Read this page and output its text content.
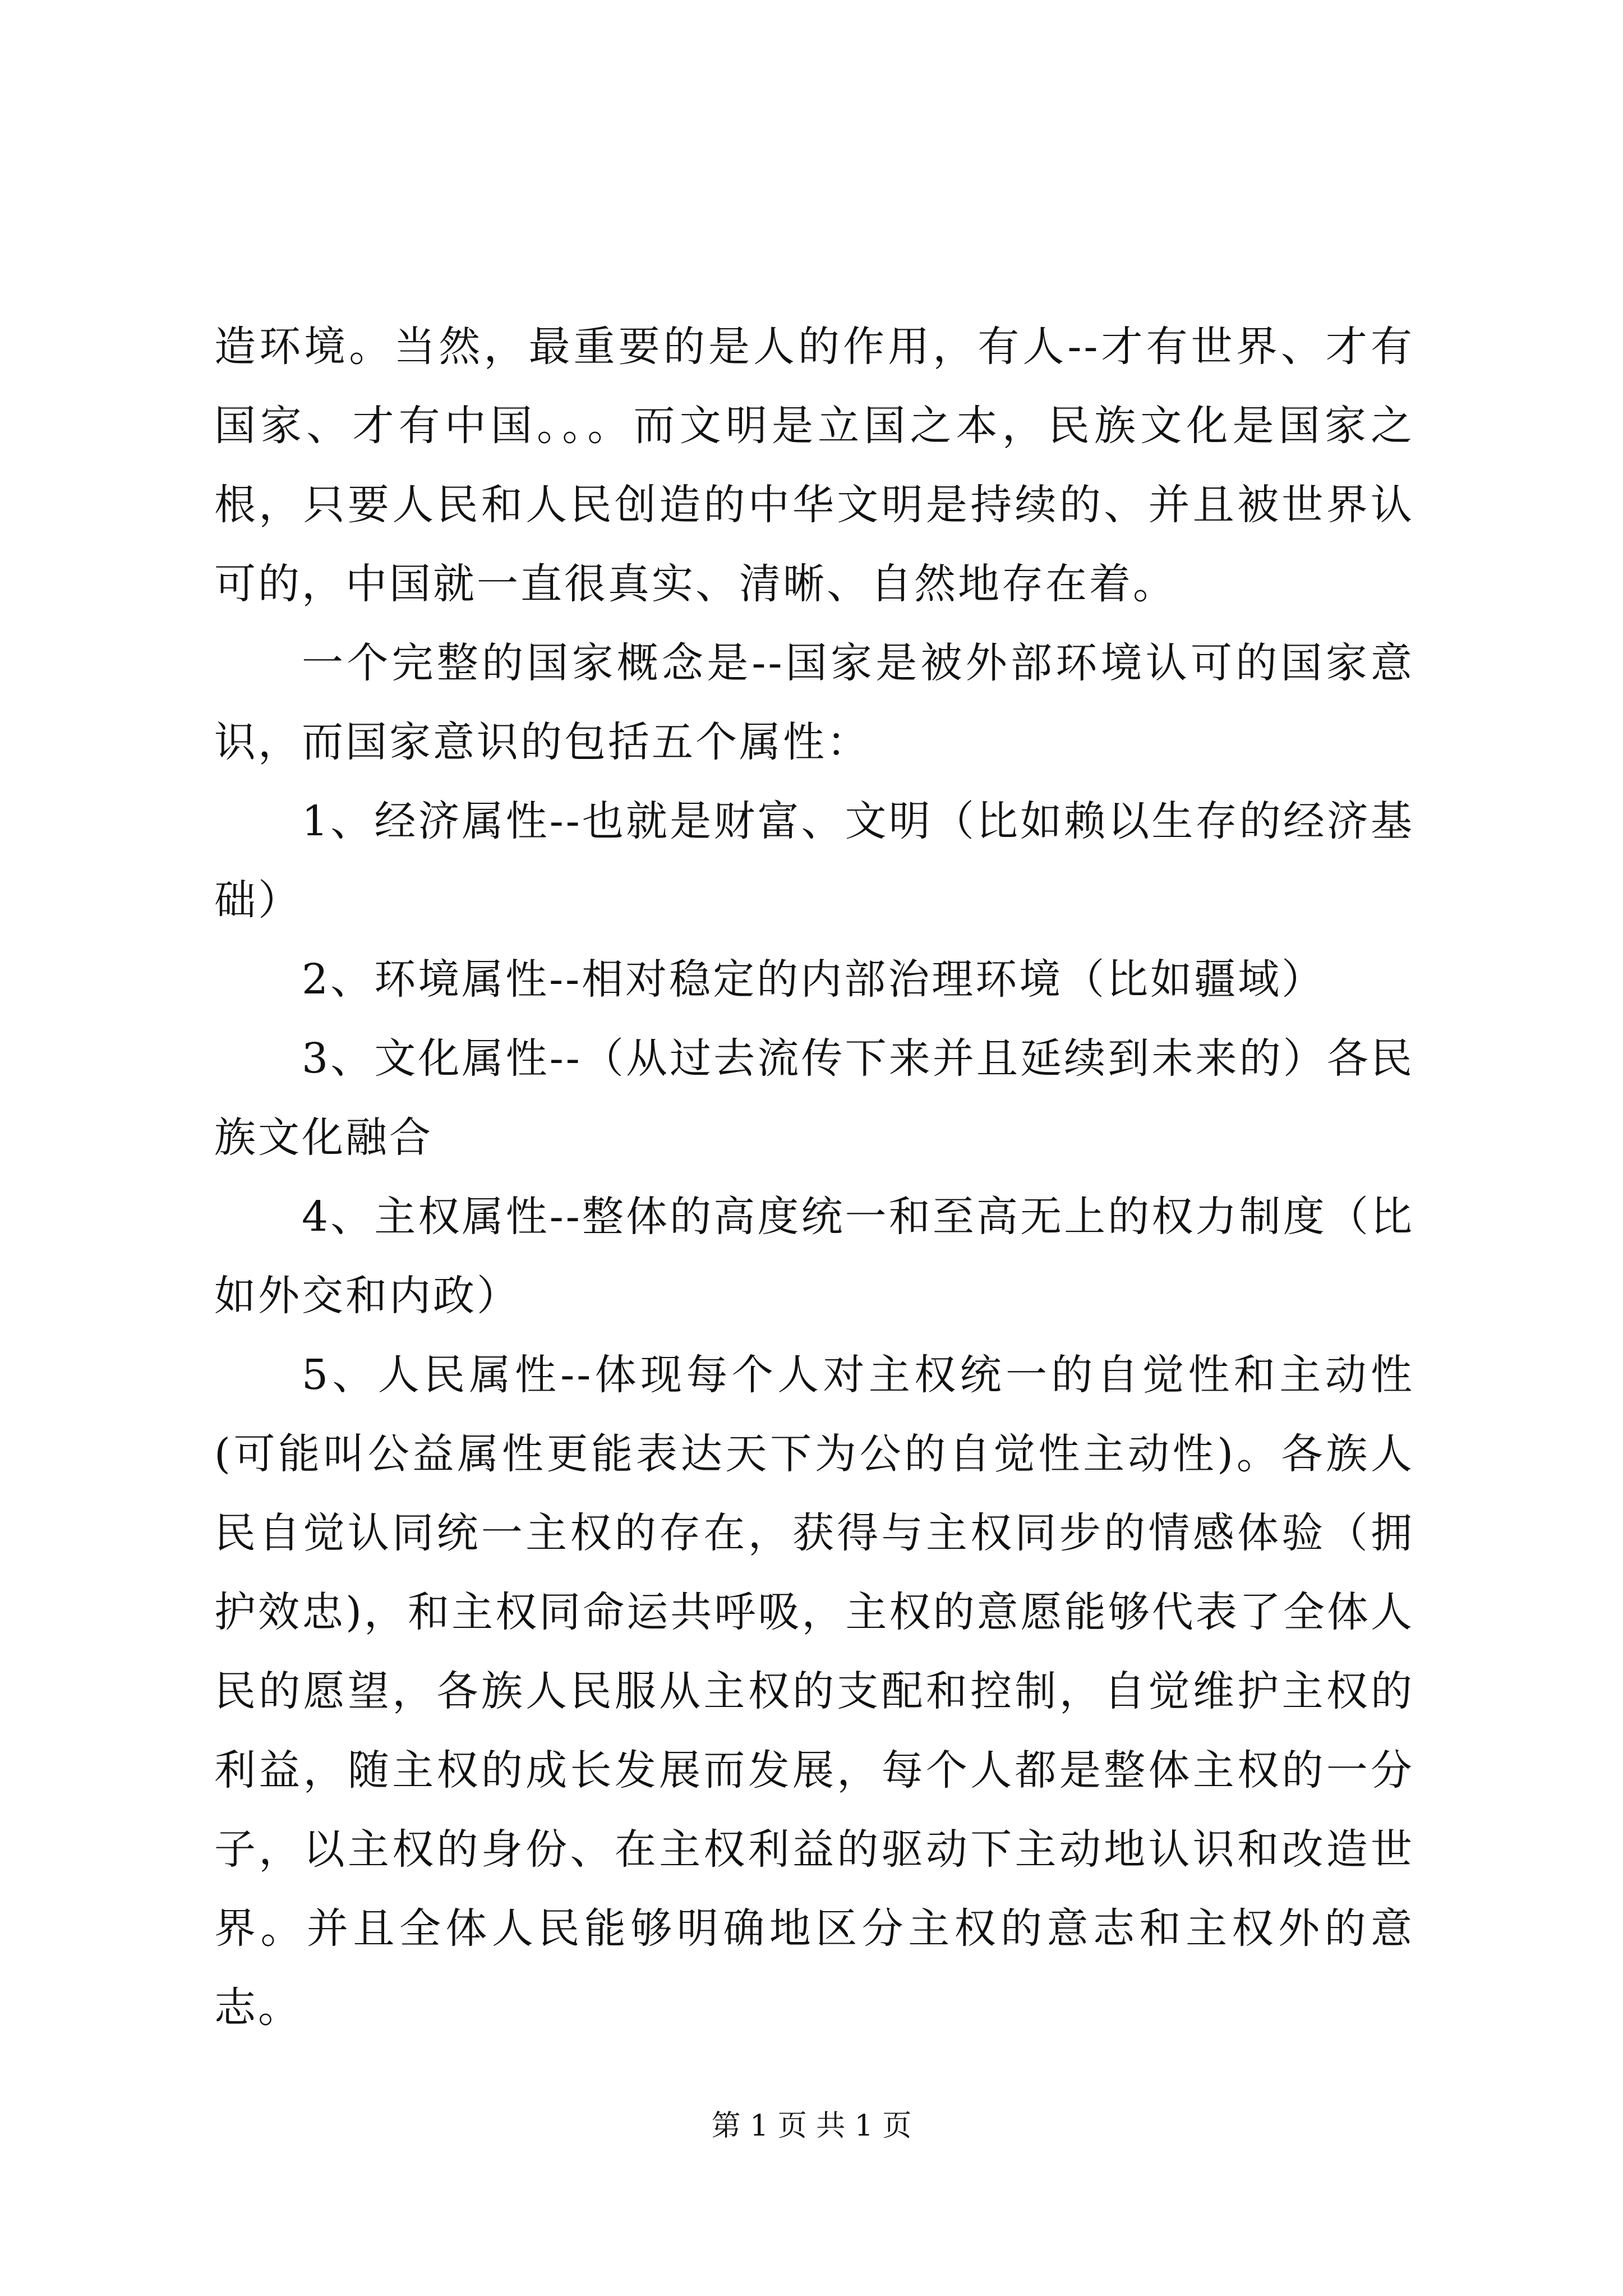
造环境。当然，最重要的是人的作用，有人--才有世界、才有国家、才有中国。。。而文明是立国之本，民族文化是国家之根，只要人民和人民创造的中华文明是持续的、并且被世界认可的，中国就一直很真实、清晰、自然地存在着。

一个完整的国家概念是--国家是被外部环境认可的国家意识，而国家意识的包括五个属性：

1、经济属性--也就是财富、文明（比如赖以生存的经济基础）

2、环境属性--相对稳定的内部治理环境（比如疆域）

3、文化属性--（从过去流传下来并且延续到未来的）各民族文化融合

4、主权属性--整体的高度统一和至高无上的权力制度（比如外交和内政）

5、人民属性--体现每个人对主权统一的自觉性和主动性(可能叫公益属性更能表达天下为公的自觉性主动性)。各族人民自觉认同统一主权的存在，获得与主权同步的情感体验（拥护效忠)，和主权同命运共呼吸，主权的意愿能够代表了全体人民的愿望，各族人民服从主权的支配和控制，自觉维护主权的利益，随主权的成长发展而发展，每个人都是整体主权的一分子，以主权的身份、在主权利益的驱动下主动地认识和改造世界。并且全体人民能够明确地区分主权的意志和主权外的意志。

第 1 页 共 1 页
